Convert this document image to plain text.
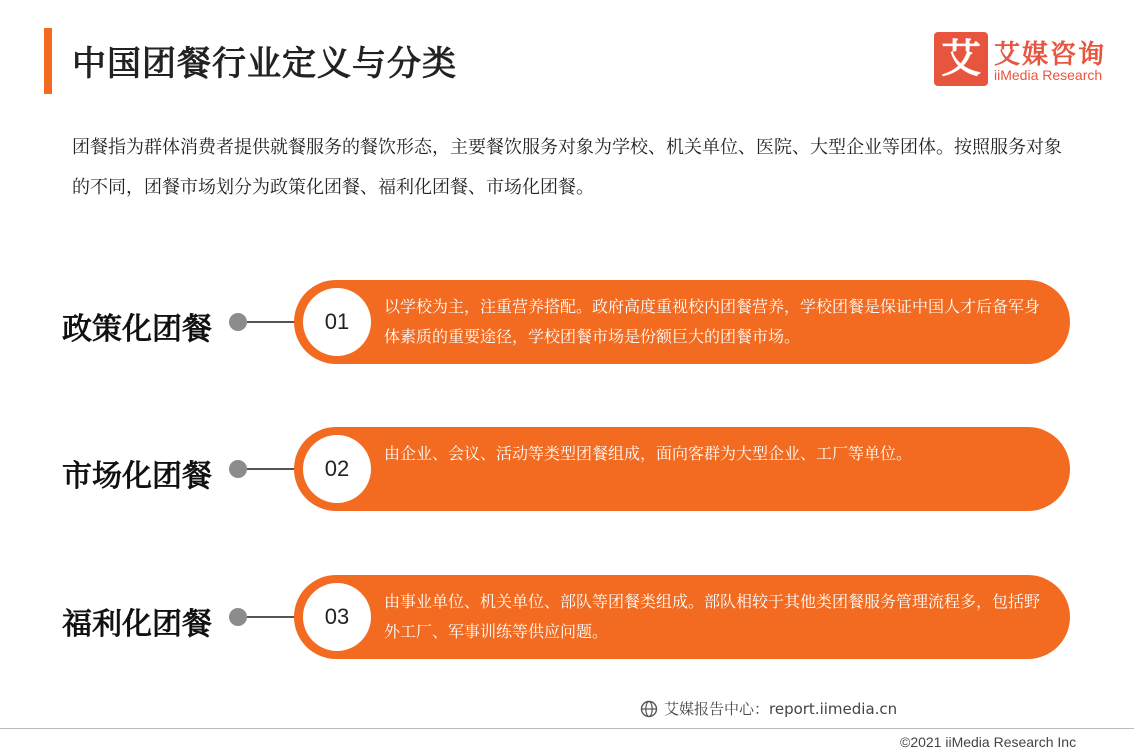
中国团餐行业定义与分类	艾 艾媒咨询
iiMedia Research

团餐指为群体消费者提供就餐服务的餐饮形态，主要餐饮服务对象为学校、机关单位、医院、大型企业等团体。按照服务对象的不同，团餐市场划分为政策化团餐、福利化团餐、市场化团餐。

政策化团餐	01
以学校为主，注重营养搭配。政府高度重视校内团餐营养，学校团餐是保证中国人才后备军身体素质的重要途径，学校团餐市场是份额巨大的团餐市场。
市场化团餐	02
由企业、会议、活动等类型团餐组成，面向客群为大型企业、工厂等单位。
福利化团餐	03
由事业单位、机关单位、部队等团餐类组成。部队相较于其他类团餐服务管理流程多，包括野外工厂、军事训练等供应问题。
艾媒报告中心：report.iimedia.cn
©2021 iiMedia Research Inc
